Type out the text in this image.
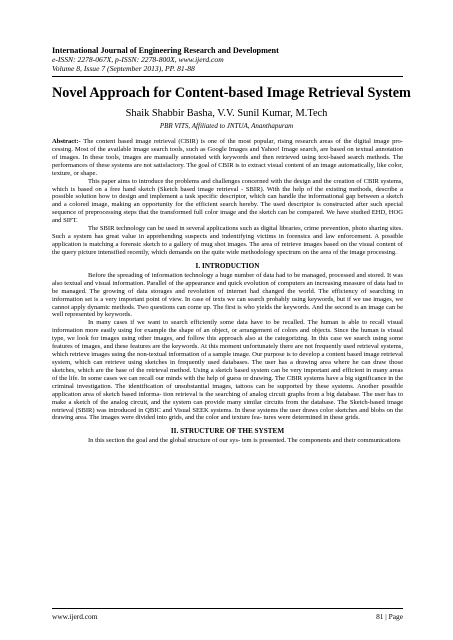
International Journal of Engineering Research and Development
e-ISSN: 2278-067X, p-ISSN: 2278-800X, www.ijerd.com
Volume 8, Issue 7 (September 2013), PP. 81-88
Novel Approach for Content-based Image Retrieval System
Shaik Shabbir Basha, V.V. Sunil Kumar, M.Tech
PBR VITS, Affiliated to JNTUA, Ananthapuram

Abstract:- The content based image retrieval (CBIR) is one of the most popular, rising research areas of the digital image pro- cessing. Most of the available image search tools, such as Google Images and Yahoo! Image search, are based on textual annotation of images. In these tools, images are manually annotated with keywords and then retrieved using text-based search methods. The performances of these systems are not satisfactory. The goal of CBIR is to extract visual content of an image automatically, like color, texture, or shape.

This paper aims to introduce the problems and challenges concerned with the design and the creation of CBIR systems, which is based on a free hand sketch (Sketch based image retrieval - SBIR). With the help of the existing methods, describe a possible solution how to design and implement a task specific descriptor, which can handle the informational gap between a sketch and a colored image, making an opportunity for the efficient search hereby. The used descriptor is constructed after such special sequence of preprocessing steps that the transformed full color image and the sketch can be compared. We have studied EHD, HOG and SIFT.

The SBIR technology can be used in several applications such as digital libraries, crime prevention, photo sharing sites. Such a system has great value in apprehending suspects and indentifying victims in forensics and law enforcement. A possible application is matching a forensic sketch to a gallery of mug shot images. The area of retrieve images based on the visual content of the query picture intensified recently, which demands on the quite wide methodology spectrum on the area of the image processing.

I. INTRODUCTION

Before the spreading of information technology a huge number of data had to be managed, processed and stored. It was also textual and visual information. Parallel of the appearance and quick evolution of computers an increasing measure of data had to be managed. The growing of data storages and revolution of internet had changed the world. The efficiency of searching in information set is a very important point of view. In case of texts we can search probably using keywords, but if we use images, we cannot apply dynamic methods. Two questions can come up. The first is who yields the keywords. And the second is an image can be well represented by keywords.

In many cases if we want to search efficiently some data have to be recalled. The human is able to recall visual information more easily using for example the shape of an object, or arrangement of colors and objects. Since the human is visual type, we look for images using other images, and follow this approach also at the categorizing. In this case we search using some features of images, and these features are the keywords. At this moment unfortunately there are not frequently used retrieval systems, which retrieve images using the non-textual information of a sample image. Our purpose is to develop a content based image retrieval system, which can retrieve using sketches in frequently used databases. The user has a drawing area where he can draw those sketches, which are the base of the retrieval method. Using a sketch based system can be very important and efficient in many areas of the life. In some cases we can recall our minds with the help of guess or drawing. The CBIR systems have a big significance in the criminal investigation. The identification of unsubstantial images, tattoos can be supported by these systems. Another possible application area of sketch based informa- tion retrieval is the searching of analog circuit graphs from a big database. The user has to make a sketch of the analog circuit, and the system can provide many similar circuits from the database. The Sketch-based image retrieval (SBIR) was introduced in QBIC and Visual SEEK systems. In these systems the user draws color sketches and blobs on the drawing area. The images were divided into grids, and the color and texture fea- tures were determined in these grids.

II. STRUCTURE OF THE SYSTEM

In this section the goal and the global structure of our sys- tem is presented. The components and their communications

www.ijerd.com	81 | Page
